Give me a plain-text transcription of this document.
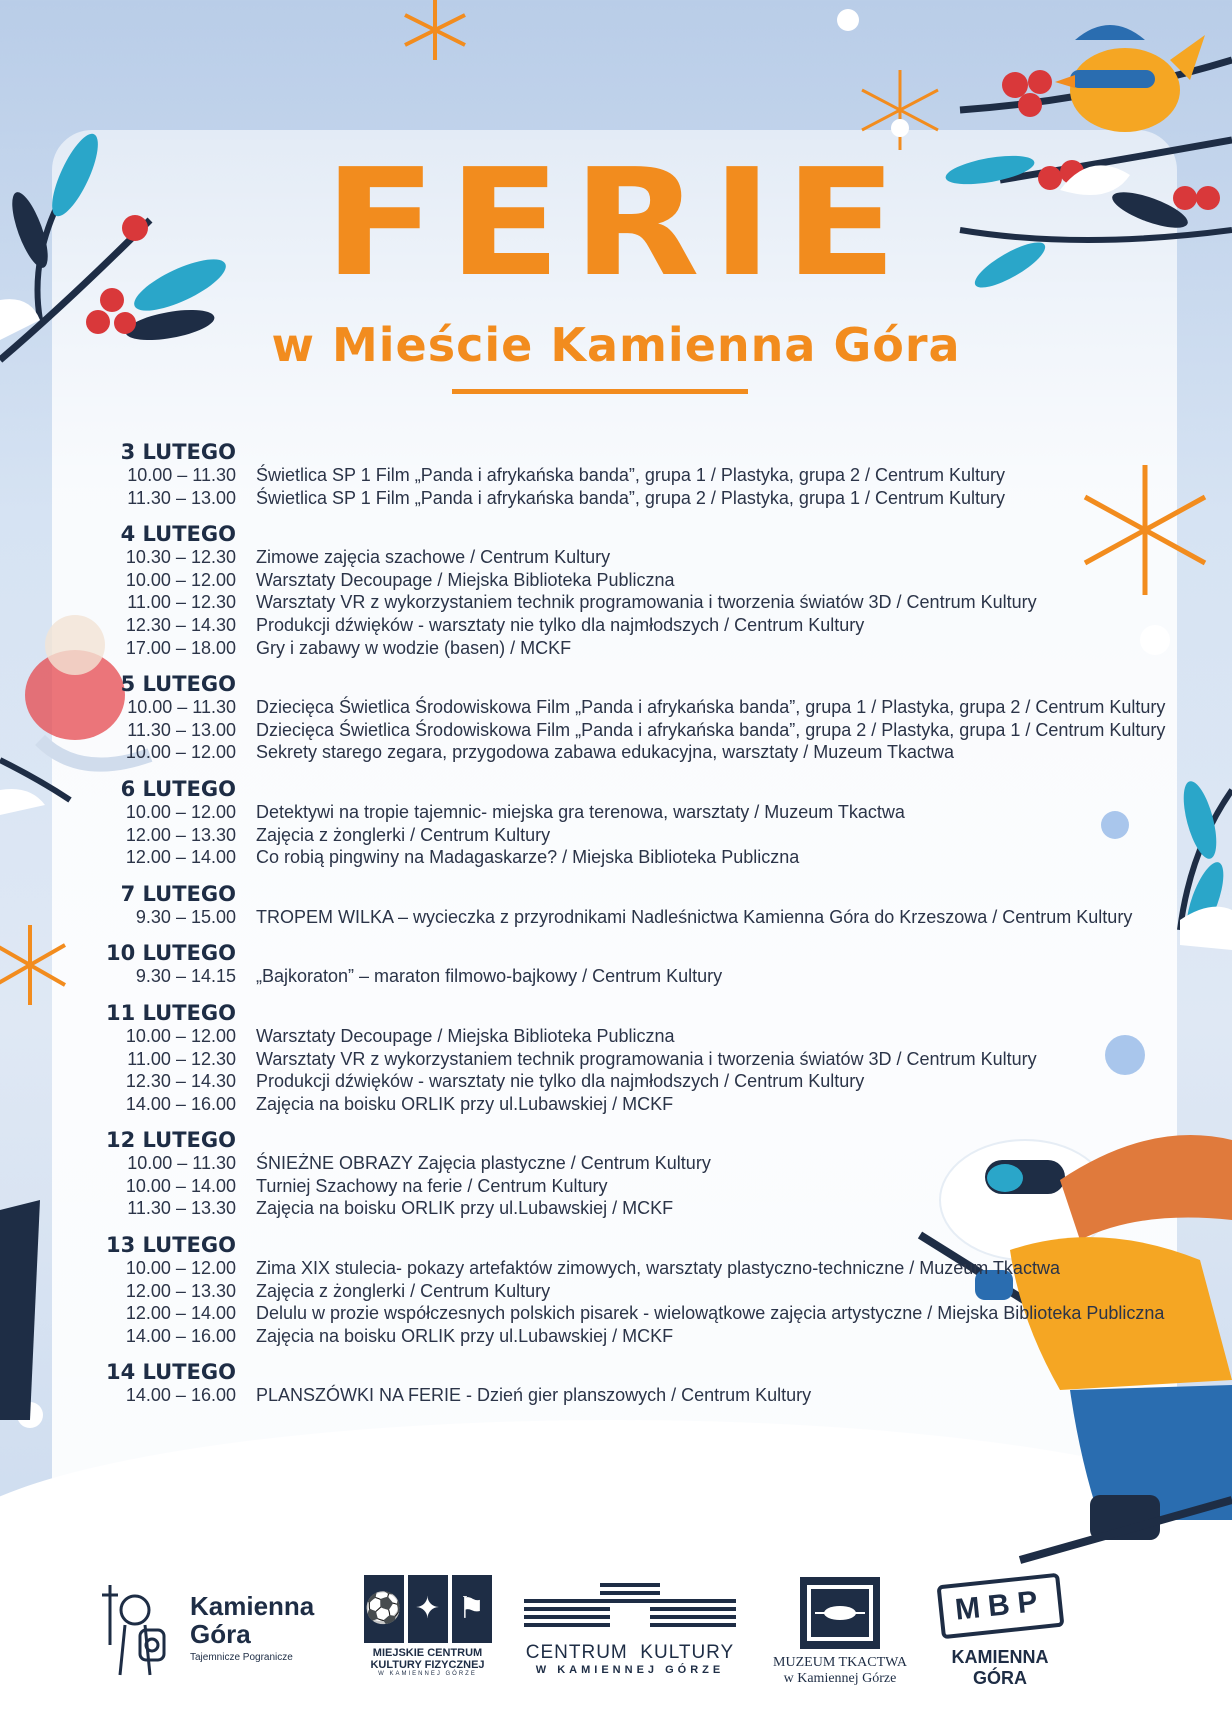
FERIE
w Mieście Kamienna Góra
3 LUTEGO
10.00 – 11.30 Świetlica SP 1 Film „Panda i afrykańska banda”, grupa 1 / Plastyka, grupa 2 / Centrum Kultury
11.30 – 13.00 Świetlica SP 1 Film „Panda i afrykańska banda”, grupa 2 / Plastyka, grupa 1 / Centrum Kultury
4 LUTEGO
10.30 – 12.30 Zimowe zajęcia szachowe / Centrum Kultury
10.00 – 12.00 Warsztaty Decoupage / Miejska Biblioteka Publiczna
11.00 – 12.30 Warsztaty VR z wykorzystaniem technik programowania i tworzenia światów 3D / Centrum Kultury
12.30 – 14.30 Produkcji dźwięków - warsztaty nie tylko dla najmłodszych / Centrum Kultury
17.00 – 18.00 Gry i zabawy w wodzie (basen) / MCKF
5 LUTEGO
10.00 – 11.30 Dziecięca Świetlica Środowiskowa Film „Panda i afrykańska banda”, grupa 1 / Plastyka, grupa 2 / Centrum Kultury
11.30 – 13.00 Dziecięca Świetlica Środowiskowa Film „Panda i afrykańska banda”, grupa 2 / Plastyka, grupa 1 / Centrum Kultury
10.00 – 12.00 Sekrety starego zegara, przygodowa zabawa edukacyjna, warsztaty / Muzeum Tkactwa
6 LUTEGO
10.00 – 12.00 Detektywi na tropie tajemnic- miejska gra terenowa, warsztaty / Muzeum Tkactwa
12.00 – 13.30 Zajęcia z żonglerki / Centrum Kultury
12.00 – 14.00 Co robią pingwiny na Madagaskarze? / Miejska Biblioteka Publiczna
7 LUTEGO
9.30 – 15.00 TROPEM WILKA – wycieczka z przyrodnikami Nadleśnictwa Kamienna Góra do Krzeszowa / Centrum Kultury
10 LUTEGO
9.30 – 14.15 „Bajkoraton” – maraton filmowo-bajkowy / Centrum Kultury
11 LUTEGO
10.00 – 12.00 Warsztaty Decoupage / Miejska Biblioteka Publiczna
11.00 – 12.30 Warsztaty VR z wykorzystaniem technik programowania i tworzenia światów 3D / Centrum Kultury
12.30 – 14.30 Produkcji dźwięków - warsztaty nie tylko dla najmłodszych / Centrum Kultury
14.00 – 16.00 Zajęcia na boisku ORLIK przy ul.Lubawskiej / MCKF
12 LUTEGO
10.00 – 11.30 ŚNIEŻNE OBRAZY Zajęcia plastyczne / Centrum Kultury
10.00 – 14.00 Turniej Szachowy na ferie / Centrum Kultury
11.30 – 13.30 Zajęcia na boisku ORLIK przy ul.Lubawskiej / MCKF
13 LUTEGO
10.00 – 12.00 Zima XIX stulecia- pokazy artefaktów zimowych, warsztaty plastyczno-techniczne / Muzeum Tkactwa
12.00 – 13.30 Zajęcia z żonglerki / Centrum Kultury
12.00 – 14.00 Delulu w prozie współczesnych polskich pisarek - wielowątkowe zajęcia artystyczne / Miejska Biblioteka Publiczna
14.00 – 16.00 Zajęcia na boisku ORLIK przy ul.Lubawskiej / MCKF
14 LUTEGO
14.00 – 16.00 PLANSZÓWKI NA FERIE - Dzień gier planszowych / Centrum Kultury
Kamienna
Góra
Tajemnicze Pogranicze
⚽ ✦ ⚑
MIEJSKIE CENTRUM
KULTURY FIZYCZNEJ
W KAMIENNEJ GÓRZE
CENTRUM  KULTURY
W KAMIENNEJ GÓRZE	MUZEUM TKACTWA
w Kamiennej Górze
MBP
KAMIENNA GÓRA
